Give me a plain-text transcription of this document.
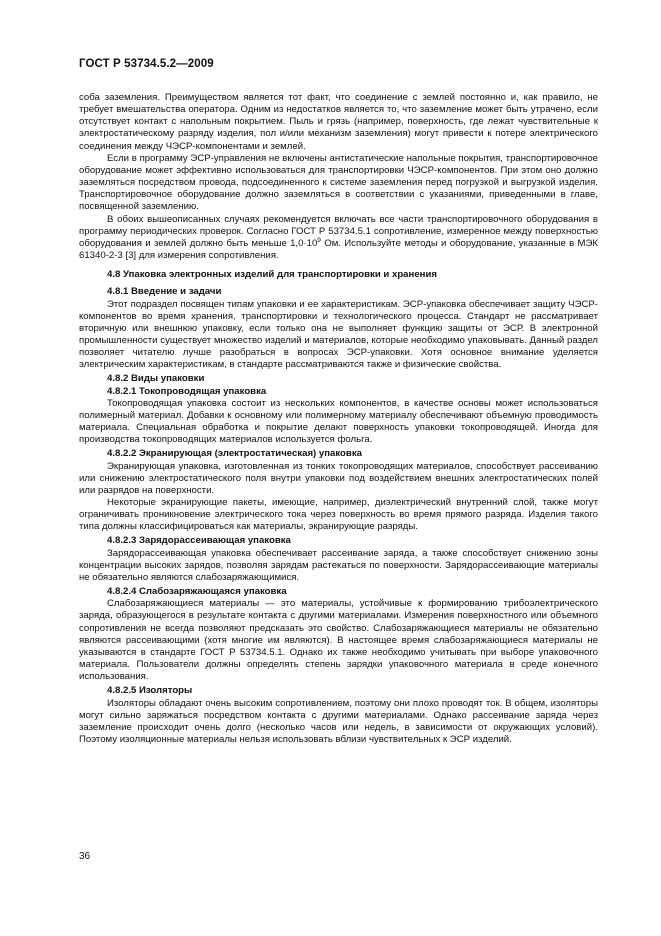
ГОСТ Р 53734.5.2—2009

соба заземления. Преимуществом является тот факт, что соединение с землей постоянно и, как правило, не требует вмешательства оператора. Одним из недостатков является то, что заземление может быть утрачено, если отсутствует контакт с напольным покрытием. Пыль и грязь (например, поверхность, где лежат чувствительные к электростатическому разряду изделия, пол и/или механизм заземления) могут привести к потере электрического соединения между ЧЭСР-компонентами и землей.

Если в программу ЭСР-управления не включены антистатические напольные покрытия, транспортировочное оборудование может эффективно использоваться для транспортировки ЧЭСР-компонентов. При этом оно должно заземляться посредством провода, подсоединенного к системе заземления перед погрузкой и выгрузкой изделия. Транспортировочное оборудование должно заземляться в соответствии с указаниями, приведенными в главе, посвященной заземлению.

В обоих вышеописанных случаях рекомендуется включать все части транспортировочного оборудования в программу периодических проверок. Согласно ГОСТ Р 53734.5.1 сопротивление, измеренное между поверхностью оборудования и землей должно быть меньше $1,0\cdot 10^9$ Ом. Используйте методы и оборудование, указанные в МЭК 61340-2-3 [3] для измерения сопротивления.

4.8 Упаковка электронных изделий для транспортировки и хранения

4.8.1 Введение и задачи

Этот подраздел посвящен типам упаковки и ее характеристикам. ЭСР-упаковка обеспечивает защиту ЧЭСР-компонентов во время хранения, транспортировки и технологического процесса. Стандарт не рассматривает вторичную или внешнюю упаковку, если только она не выполняет функцию защиты от ЭСР. В электронной промышленности существует множество изделий и материалов, которые необходимо упаковывать. Данный раздел позволяет читателю лучше разобраться в вопросах ЭСР-упаковки. Хотя основное внимание уделяется электрическим характеристикам, в стандарте рассматриваются также и физические свойства.

4.8.2 Виды упаковки

4.8.2.1 Токопроводящая упаковка

Токопроводящая упаковка состоит из нескольких компонентов, в качестве основы может использоваться полимерный материал. Добавки к основному или полимерному материалу обеспечивают объемную проводимость материала. Специальная обработка и покрытие делают поверхность упаковки токопроводящей. Иногда для производства токопроводящих материалов используется фольга.

4.8.2.2 Экранирующая (электростатическая) упаковка

Экранирующая упаковка, изготовленная из тонких токопроводящих материалов, способствует рассеиванию или снижению электростатического поля внутри упаковки под воздействием внешних электростатических полей или разрядов на поверхности.

Некоторые экранирующие пакеты, имеющие, например, диэлектрический внутренний слой, также могут ограничивать проникновение электрического тока через поверхность во время прямого разряда. Изделия такого типа должны классифицироваться как материалы, экранирующие разряды.

4.8.2.3 Зарядорассеивающая упаковка

Зарядорассеивающая упаковка обеспечивает рассеивание заряда, а также способствует снижению зоны концентрации высоких зарядов, позволяя зарядам растекаться по поверхности. Зарядорассеивающие материалы не обязательно являются слабозаряжающимися.

4.8.2.4 Слабозаряжающаяся упаковка

Слабозаряжающиеся материалы — это материалы, устойчивые к формированию трибоэлектрического заряда, образующегося в результате контакта с другими материалами. Измерения поверхностного или объемного сопротивления не всегда позволяют предсказать это свойство. Слабозаряжающиеся материалы не обязательно являются рассеивающими (хотя многие им являются). В настоящее время слабозаряжающиеся материалы не указываются в стандарте ГОСТ Р 53734.5.1. Однако их также необходимо учитывать при выборе упаковочного материала. Пользователи должны определять степень зарядки упаковочного материала в среде конечного использования.

4.8.2.5 Изоляторы

Изоляторы обладают очень высоким сопротивлением, поэтому они плохо проводят ток. В общем, изоляторы могут сильно заряжаться посредством контакта с другими материалами. Однако рассеивание заряда через заземление происходит очень долго (несколько часов или недель, в зависимости от окружающих условий). Поэтому изоляционные материалы нельзя использовать вблизи чувствительных к ЭСР изделий.

36
